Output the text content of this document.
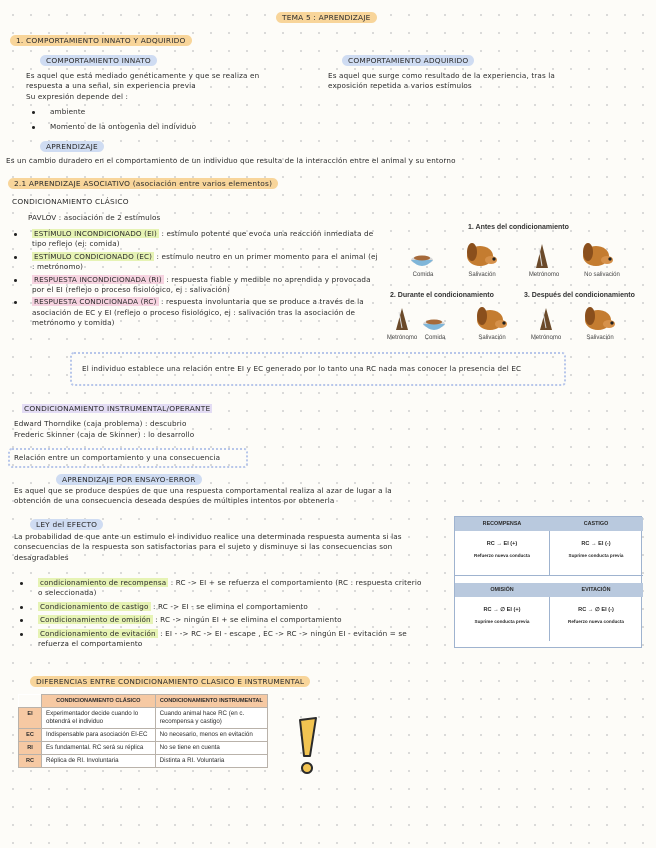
TEMA 5 : APRENDIZAJE
1. COMPORTAMIENTO INNATO Y ADQUIRIDO
COMPORTAMIENTO INNATO	COMPORTAMIENTO ADQUIRIDO
Es aquel que está mediado genéticamente y que se realiza en respuesta a una señal, sin experiencia previa
Su expresión depende del :
ambiente
Momento de la ontogenia del individuo
Es aquel que surge como resultado de la experiencia, tras la exposición repetida a varios estímulos
APRENDIZAJE
Es un cambio duradero en el comportamiento de un individuo que resulta de la interacción entre el animal y su entorno
2.1 APRENDIZAJE ASOCIATIVO (asociación entre varios elementos)
CONDICIONAMIENTO CLÁSICO
PAVLOV : asociación de 2 estímulos
ESTÍMULO INCONDICIONADO (EI) : estímulo potente que evoca una reacción inmediata de tipo reflejo (ej: comida)
ESTÍMULO CONDICIONADO (EC) : estímulo neutro en un primer momento para el animal (ej : metrónomo)
RESPUESTA INCONDICIONADA (RI) : respuesta fiable y medible no aprendida y provocada por el EI (reflejo o proceso fisiológico, ej : salivación)
RESPUESTA CONDICIONADA (RC) : respuesta involuntaria que se produce a través de la asociación de EC y EI (reflejo o proceso fisiológico, ej : salivación tras la asociación de metrónomo y comida)
1. Antes del condicionamiento
2. Durante el condicionamiento	3. Después del condicionamiento
Comida	Salivación	Metrónomo	No salivación
Metrónomo	Comida	Salivación	Metrónomo	Salivación
El individuo establece una relación entre EI y EC generado por lo tanto una RC nada mas conocer la presencia del EC
CONDICIONAMIENTO INSTRUMENTAL/OPERANTE
Edward Thorndike (caja problema) : descubrio
Frederic Skinner (caja de Skinner) : lo desarrollo
Relación entre un comportamiento y una consecuencia
APRENDIZAJE POR ENSAYO-ERROR
Es aquel que se produce despúes de que una respuesta comportamental realiza al azar de lugar a la obtención de una consecuencia deseada despúes de múltiples intentos por obtenerla
LEY del EFECTO
La probabilidad de que ante un estimulo el individuo realice una determinada respuesta aumenta si las consecuencias de la respuesta son satisfactorias para el sujeto y disminuye si las consecuencias son desagradables
condicionamiento de recompensa : RC -> EI + se refuerza el comportamiento (RC : respuesta criterio o seleccionada)
Condicionamiento de castigo : RC -> EI - se elimina el comportamiento
Condicionamiento de omisión : RC -> ningún EI + se elimina el comportamiento
Condicionamiento de evitación : EI - -> RC -> EI - escape , EC -> RC -> ningún EI - evitación = se refuerza el comportamiento
RECOMPENSA
RC → EI (+)
Refuerzo nueva conducta
CASTIGO
RC → EI (-)
Suprime conducta previa
OMISIÓN
RC → ∅ EI (+)
Suprime conducta previa
EVITACIÓN
RC → ∅ EI (-)
Refuerzo nueva conducta
DIFERENCIAS ENTRE CONDICIONAMIENTO CLASICO E INSTRUMENTAL
	CONDICIONAMIENTO CLÁSICO	CONDICIONAMIENTO INSTRUMENTAL
EI	Experimentador decide cuando lo obtendrá el individuo	Cuando animal hace RC (en c. recompensa y castigo)
EC	Indispensable para asociación EI-EC	No necesario, menos en evitación
RI	Es fundamental. RC será su réplica	No se tiene en cuenta
RC	Réplica de RI. Involuntaria	Distinta a RI. Voluntaria
